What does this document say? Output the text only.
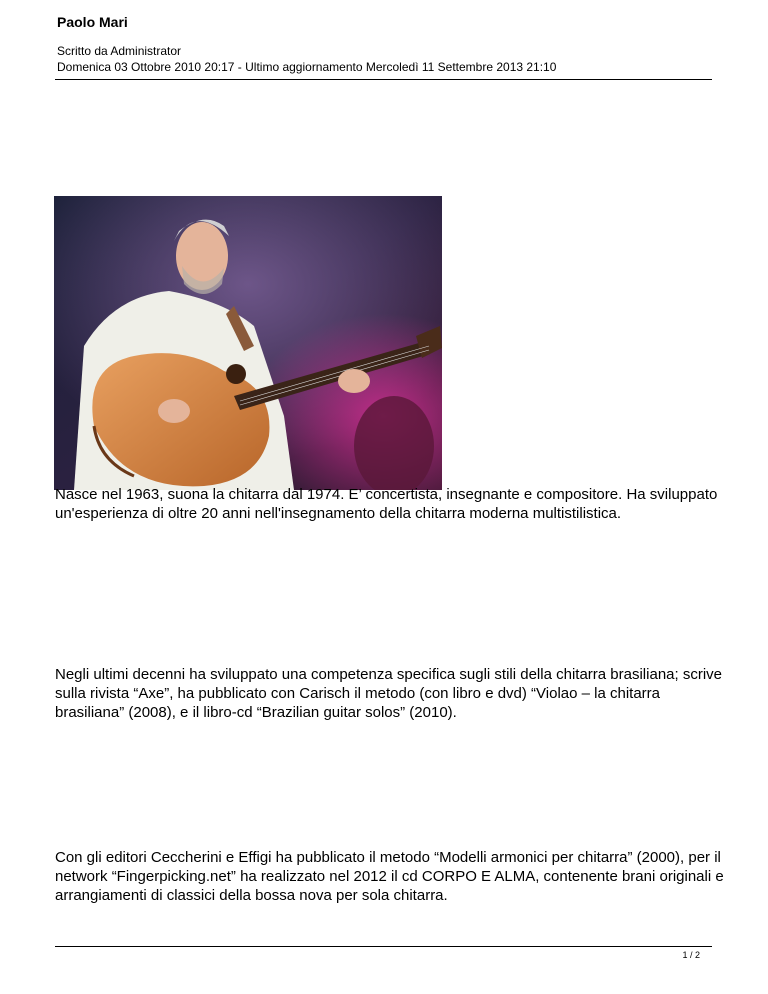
Paolo Mari
Scritto da Administrator
Domenica 03 Ottobre 2010 20:17 - Ultimo aggiornamento Mercoledì 11 Settembre 2013 21:10
Nasce nel 1963, suona la chitarra dal 1974. E’ concertista, insegnante e compositore. Ha sviluppato un'esperienza di oltre 20 anni nell'insegnamento della chitarra moderna multistilistica.
Negli ultimi decenni ha sviluppato una competenza specifica sugli stili della chitarra brasiliana; scrive sulla rivista “Axe”, ha pubblicato con Carisch il metodo (con libro e dvd) “Violao – la chitarra brasiliana” (2008), e il libro-cd “Brazilian guitar solos” (2010).
Con gli editori Ceccherini e Effigi ha pubblicato il metodo “Modelli armonici per chitarra” (2000), per il network “Fingerpicking.net” ha realizzato nel 2012 il cd CORPO E ALMA, contenente brani originali e arrangiamenti di classici della bossa nova per sola chitarra.
1 / 2
